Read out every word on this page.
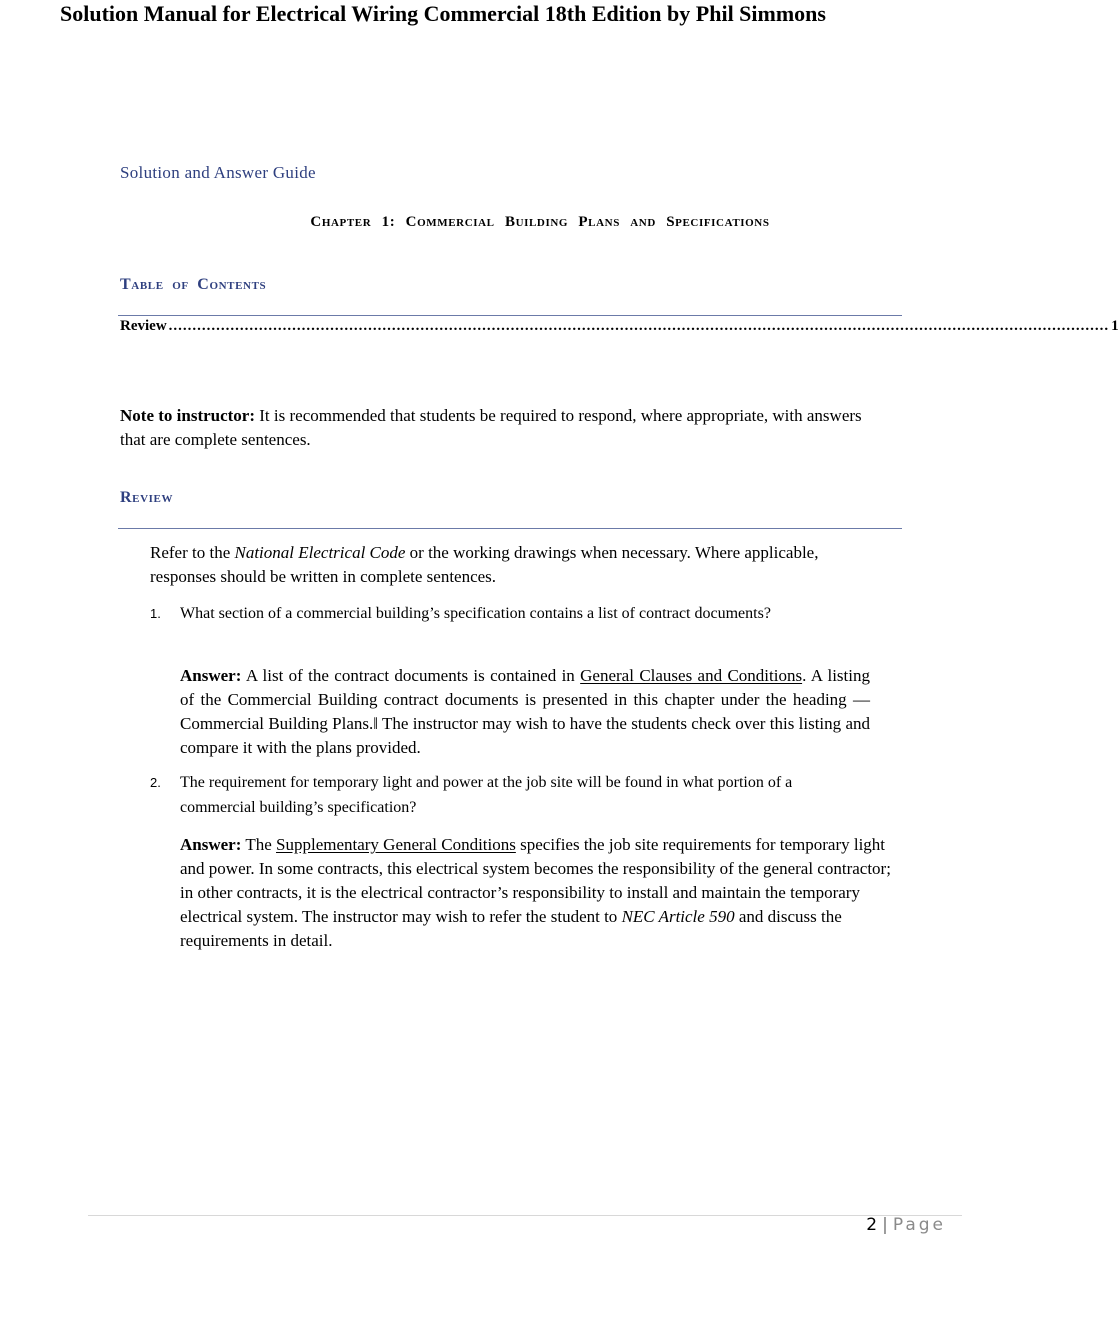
Solution Manual for Electrical Wiring Commercial 18th Edition by Phil Simmons
Solution and Answer Guide
Chapter 1: Commercial Building Plans and Specifications
Table of Contents
Review ...................................................................................................................................................................................................... 1
Note to instructor: It is recommended that students be required to respond, where appropriate, with answers that are complete sentences.
Review
Refer to the National Electrical Code or the working drawings when necessary. Where applicable, responses should be written in complete sentences.
1. What section of a commercial building’s specification contains a list of contract documents?
Answer: A list of the contract documents is contained in General Clauses and Conditions. A listing of the Commercial Building contract documents is presented in this chapter under the heading —Commercial Building Plans.‖ The instructor may wish to have the students check over this listing and compare it with the plans provided.
2. The requirement for temporary light and power at the job site will be found in what portion of a commercial building’s specification?
Answer: The Supplementary General Conditions specifies the job site requirements for temporary light and power. In some contracts, this electrical system becomes the responsibility of the general contractor; in other contracts, it is the electrical contractor’s responsibility to install and maintain the temporary electrical system. The instructor may wish to refer the student to NEC Article 590 and discuss the requirements in detail.
2 | Page
